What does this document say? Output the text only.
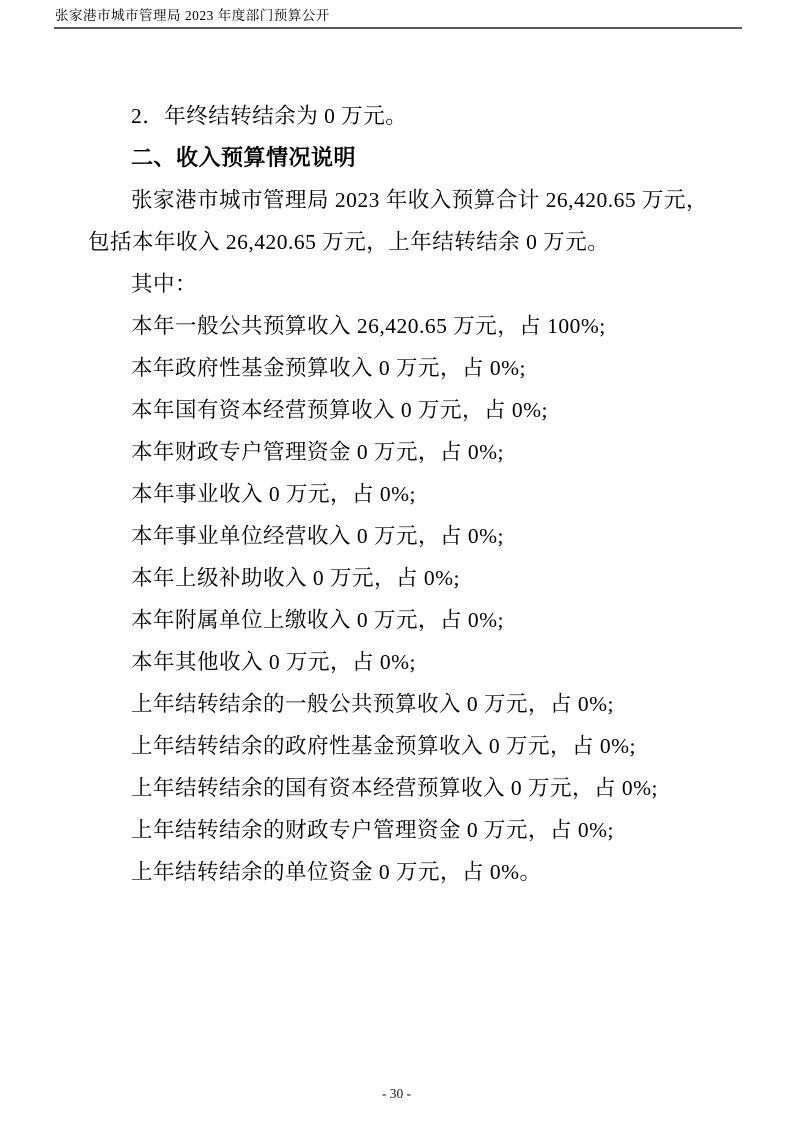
张家港市城市管理局 2023 年度部门预算公开

2．年终结转结余为 0 万元。

二、收入预算情况说明

张家港市城市管理局 2023 年收入预算合计 26,420.65 万元，

包括本年收入 26,420.65 万元，上年结转结余 0 万元。

其中：

本年一般公共预算收入 26,420.65 万元，占 100%;

本年政府性基金预算收入 0 万元，占 0%;

本年国有资本经营预算收入 0 万元，占 0%;

本年财政专户管理资金 0 万元，占 0%;

本年事业收入 0 万元，占 0%;

本年事业单位经营收入 0 万元，占 0%;

本年上级补助收入 0 万元，占 0%;

本年附属单位上缴收入 0 万元，占 0%;

本年其他收入 0 万元，占 0%;

上年结转结余的一般公共预算收入 0 万元，占 0%;

上年结转结余的政府性基金预算收入 0 万元，占 0%;

上年结转结余的国有资本经营预算收入 0 万元，占 0%;

上年结转结余的财政专户管理资金 0 万元，占 0%;

上年结转结余的单位资金 0 万元，占 0%。

- 30 -
